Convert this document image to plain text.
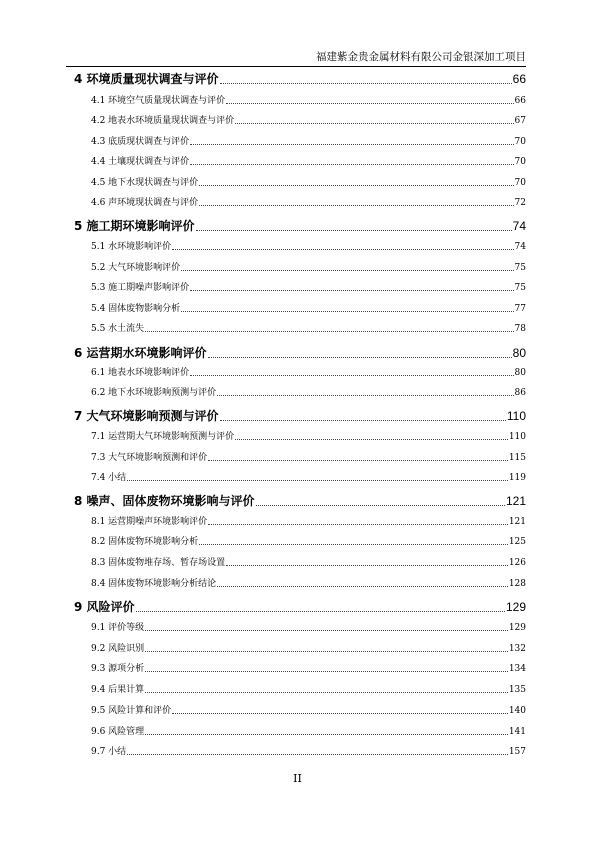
福建紫金贵金属材料有限公司金银深加工项目
4 环境质量现状调查与评价	66
4.1 环境空气质量现状调查与评价	66
4.2 地表水环境质量现状调查与评价	67
4.3 底质现状调查与评价	70
4.4 土壤现状调查与评价	70
4.5 地下水现状调查与评价	70
4.6 声环境现状调查与评价	72
5 施工期环境影响评价	74
5.1 水环境影响评价	74
5.2 大气环境影响评价	75
5.3 施工期噪声影响评价	75
5.4 固体废物影响分析	77
5.5 水土流失	78
6 运营期水环境影响评价	80
6.1 地表水环境影响评价	80
6.2 地下水环境影响预测与评价	86
7 大气环境影响预测与评价	110
7.1 运营期大气环境影响预测与评价	110
7.3 大气环境影响预测和评价	115
7.4 小结	119
8 噪声、固体废物环境影响与评价	121
8.1 运营期噪声环境影响评价	121
8.2 固体废物环境影响分析	125
8.3 固体废物堆存场、暂存场设置	126
8.4 固体废物环境影响分析结论	128
9 风险评价	129
9.1 评价等级	129
9.2 风险识别	132
9.3 源项分析	134
9.4 后果计算	135
9.5 风险计算和评价	140
9.6 风险管理	141
9.7 小结	157
II
